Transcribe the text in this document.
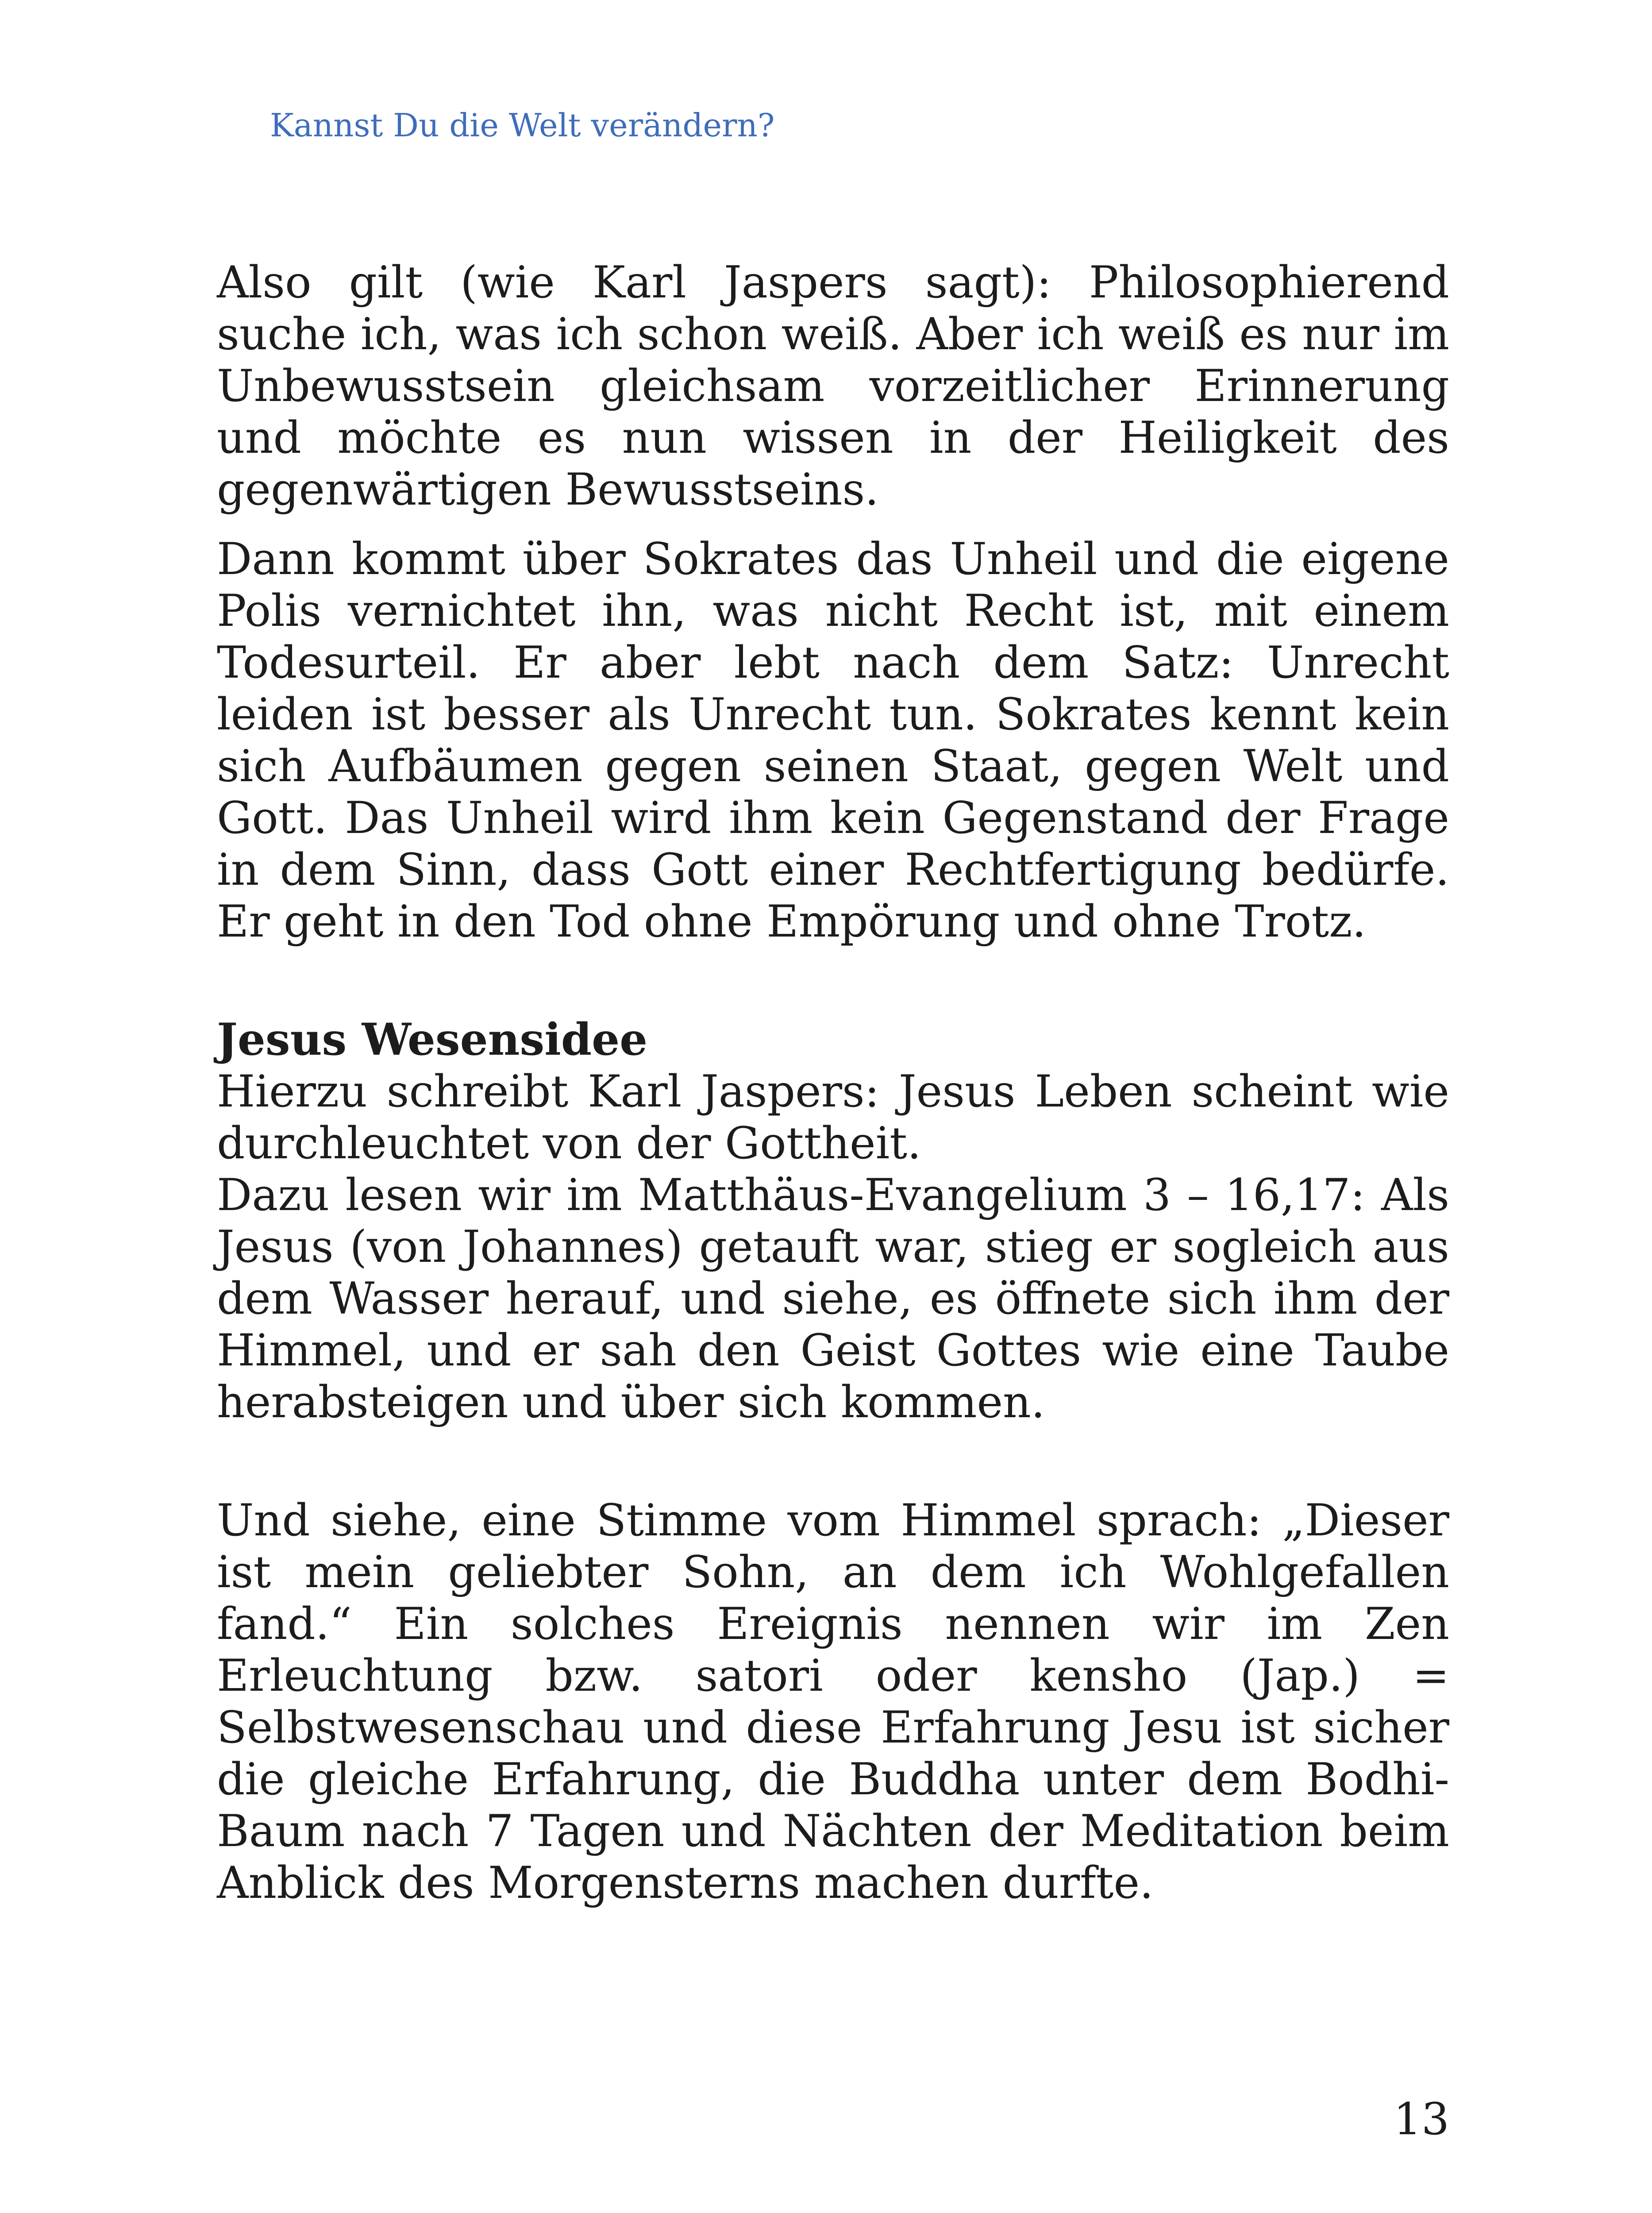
Kannst Du die Welt verändern?

Also gilt (wie Karl Jaspers sagt): Philosophierend suche ich, was ich schon weiß. Aber ich weiß es nur im Unbewusstsein gleichsam vorzeitlicher Erinnerung und möchte es nun wissen in der Heiligkeit des gegenwärtigen Bewusstseins.

Dann kommt über Sokrates das Unheil und die eigene Polis vernichtet ihn, was nicht Recht ist, mit einem Todesurteil. Er aber lebt nach dem Satz: Unrecht leiden ist besser als Unrecht tun. Sokrates kennt kein sich Aufbäumen gegen seinen Staat, gegen Welt und Gott. Das Unheil wird ihm kein Gegenstand der Frage in dem Sinn, dass Gott einer Rechtfertigung bedürfe. Er geht in den Tod ohne Empörung und ohne Trotz.

Jesus Wesensidee

Hierzu schreibt Karl Jaspers: Jesus Leben scheint wie durchleuchtet von der Gottheit.

Dazu lesen wir im Matthäus-Evangelium 3 – 16,17: Als Jesus (von Johannes) getauft war, stieg er sogleich aus dem Wasser herauf, und siehe, es öffnete sich ihm der Himmel, und er sah den Geist Gottes wie eine Taube herabsteigen und über sich kommen.

Und siehe, eine Stimme vom Himmel sprach: „Dieser ist mein geliebter Sohn, an dem ich Wohlgefallen fand.“ Ein solches Ereignis nennen wir im Zen Erleuchtung bzw. satori oder kensho (Jap.) = Selbstwesenschau und diese Erfahrung Jesu ist sicher die gleiche Erfahrung, die Buddha unter dem Bodhi-Baum nach 7 Tagen und Nächten der Meditation beim Anblick des Morgensterns machen durfte.

13
